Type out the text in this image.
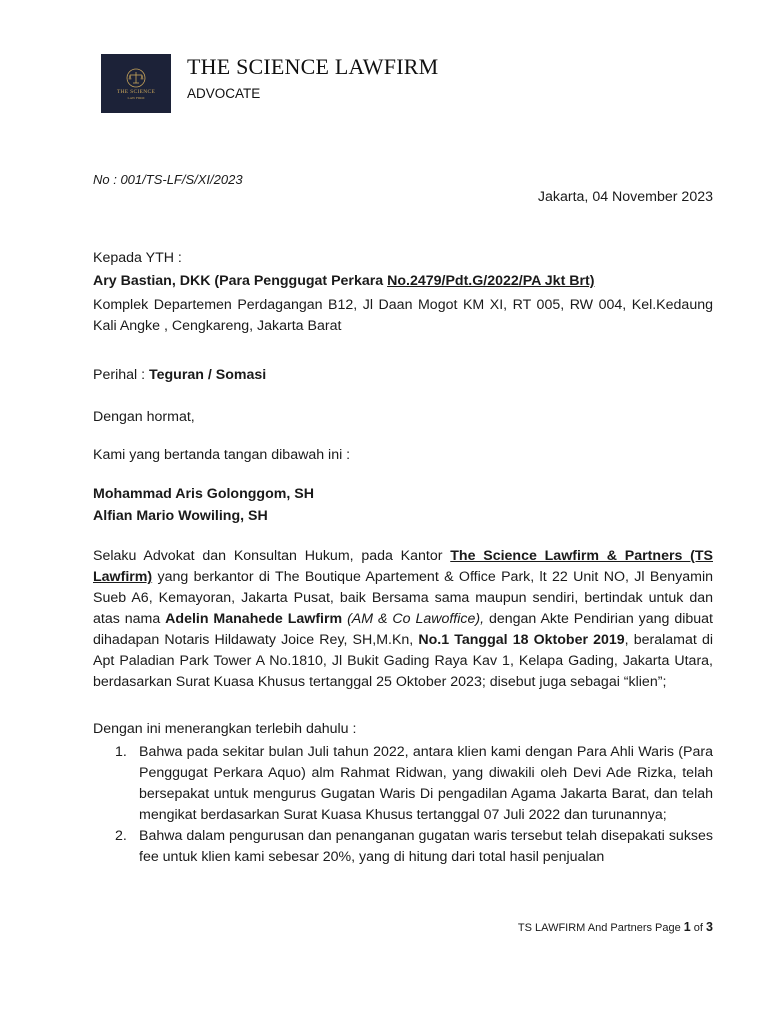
THE SCIENCE
LAW FIRM
THE SCIENCE LAWFIRM
ADVOCATE
No : 001/TS-LF/S/XI/2023
Jakarta, 04 November 2023
Kepada YTH :
Ary Bastian, DKK (Para Penggugat Perkara No.2479/Pdt.G/2022/PA Jkt Brt)
Komplek Departemen Perdagangan B12, Jl Daan Mogot KM XI, RT 005, RW 004, Kel.Kedaung Kali Angke , Cengkareng, Jakarta Barat
Perihal : Teguran / Somasi
Dengan hormat,
Kami yang bertanda tangan dibawah ini :
Mohammad Aris Golonggom, SH
Alfian Mario Wowiling, SH
Selaku Advokat dan Konsultan Hukum, pada Kantor The Science Lawfirm & Partners (TS Lawfirm) yang berkantor di The Boutique Apartement & Office Park, lt 22 Unit NO, Jl Benyamin Sueb A6, Kemayoran, Jakarta Pusat, baik Bersama sama maupun sendiri, bertindak untuk dan atas nama Adelin Manahede Lawfirm (AM & Co Lawoffice), dengan Akte Pendirian yang dibuat dihadapan Notaris Hildawaty Joice Rey, SH,M.Kn, No.1 Tanggal 18 Oktober 2019, beralamat di Apt Paladian Park Tower A No.1810, Jl Bukit Gading Raya Kav 1, Kelapa Gading, Jakarta Utara, berdasarkan Surat Kuasa Khusus tertanggal 25 Oktober 2023; disebut juga sebagai “klien”;
Dengan ini menerangkan terlebih dahulu :
1. Bahwa pada sekitar bulan Juli tahun 2022, antara klien kami dengan Para Ahli Waris (Para Penggugat Perkara Aquo) alm Rahmat Ridwan, yang diwakili oleh Devi Ade Rizka, telah bersepakat untuk mengurus Gugatan Waris Di pengadilan Agama Jakarta Barat, dan telah mengikat berdasarkan Surat Kuasa Khusus tertanggal 07 Juli 2022 dan turunannya;
2. Bahwa dalam pengurusan dan penanganan gugatan waris tersebut telah disepakati sukses fee untuk klien kami sebesar 20%, yang di hitung dari total hasil penjualan
TS LAWFIRM And Partners Page 1 of 3
